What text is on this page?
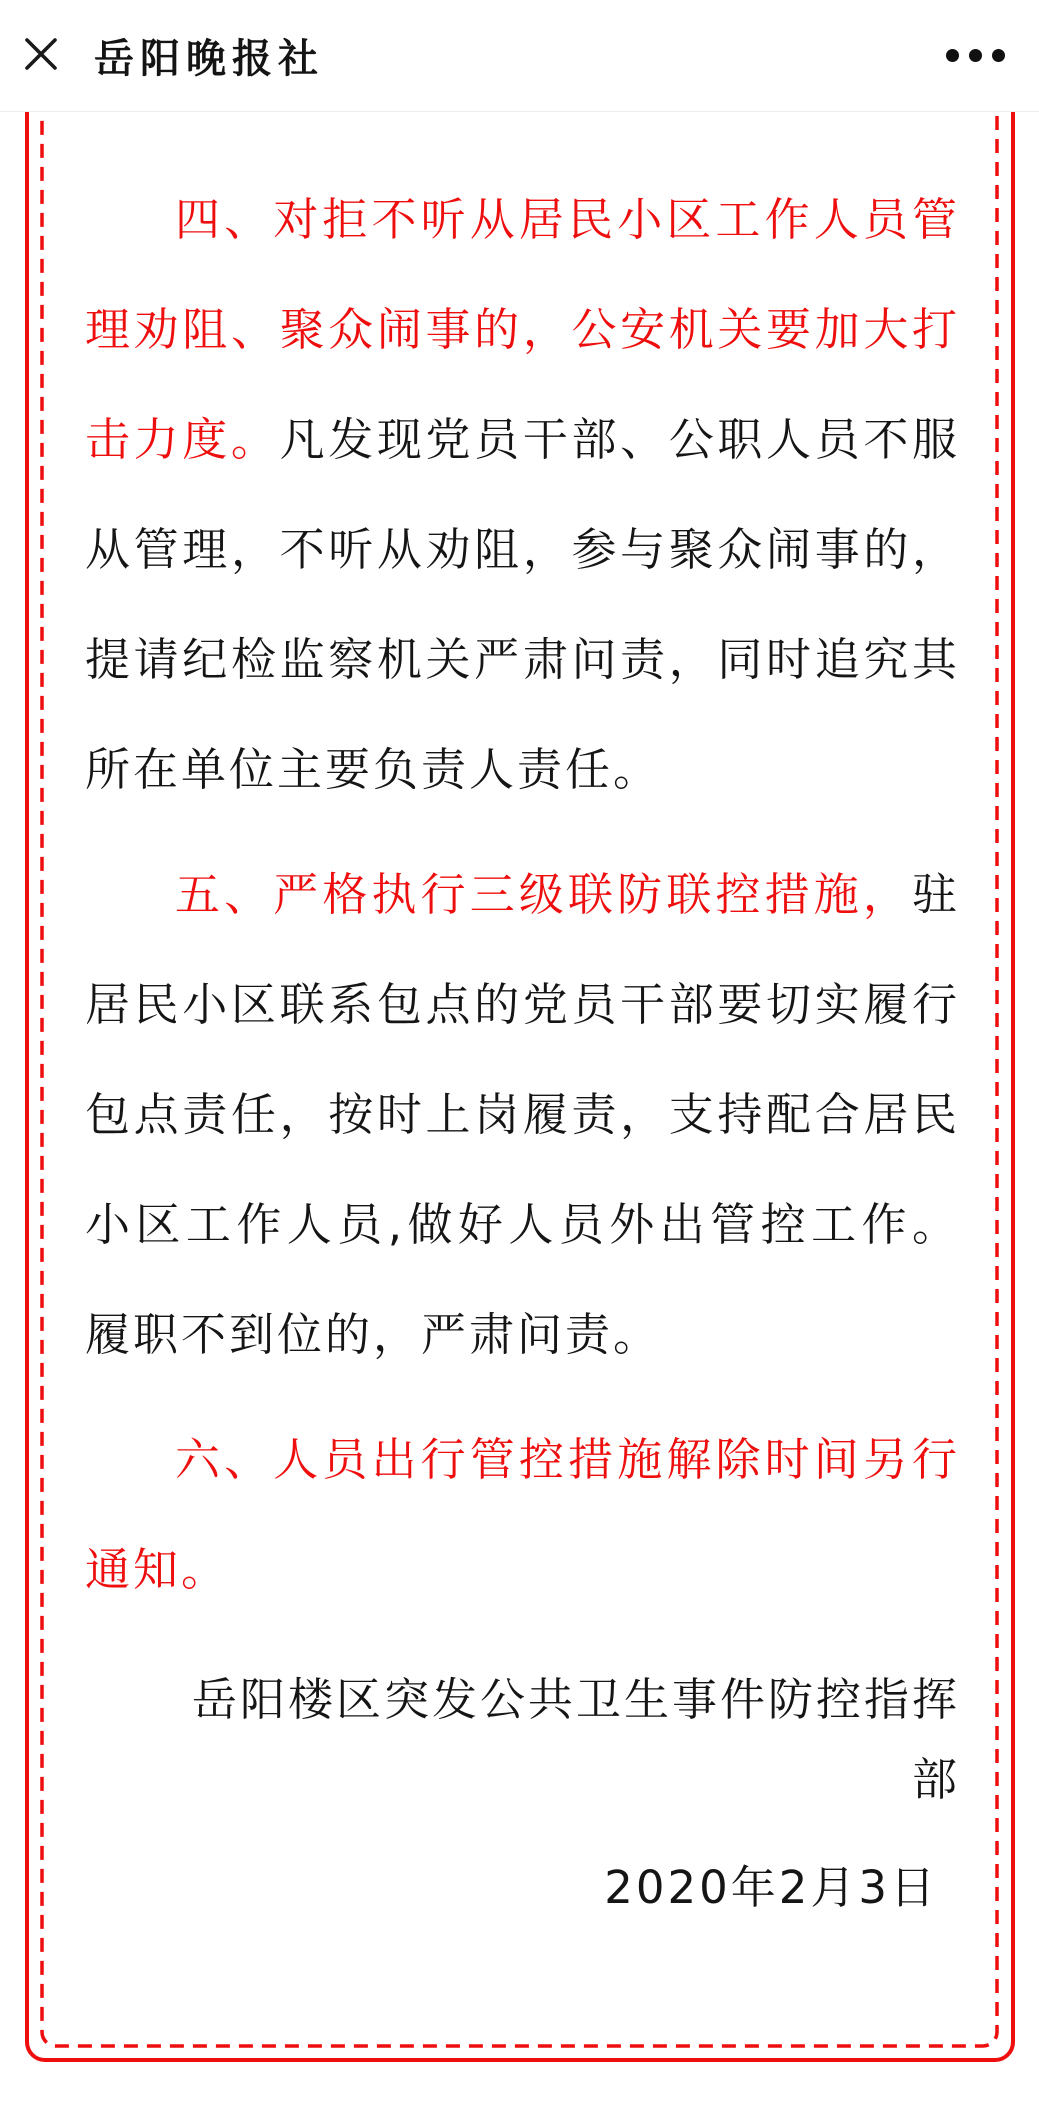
岳阳晚报社

四、对拒不听从居民小区工作人员管理劝阻、聚众闹事的，公安机关要加大打击力度。凡发现党员干部、公职人员不服从管理，不听从劝阻，参与聚众闹事的，提请纪检监察机关严肃问责，同时追究其所在单位主要负责人责任。

五、严格执行三级联防联控措施，驻居民小区联系包点的党员干部要切实履行包点责任，按时上岗履责，支持配合居民小区工作人员,做好人员外出管控工作。履职不到位的，严肃问责。

六、人员出行管控措施解除时间另行通知。

岳阳楼区突发公共卫生事件防控指挥部

2020年2月3日
